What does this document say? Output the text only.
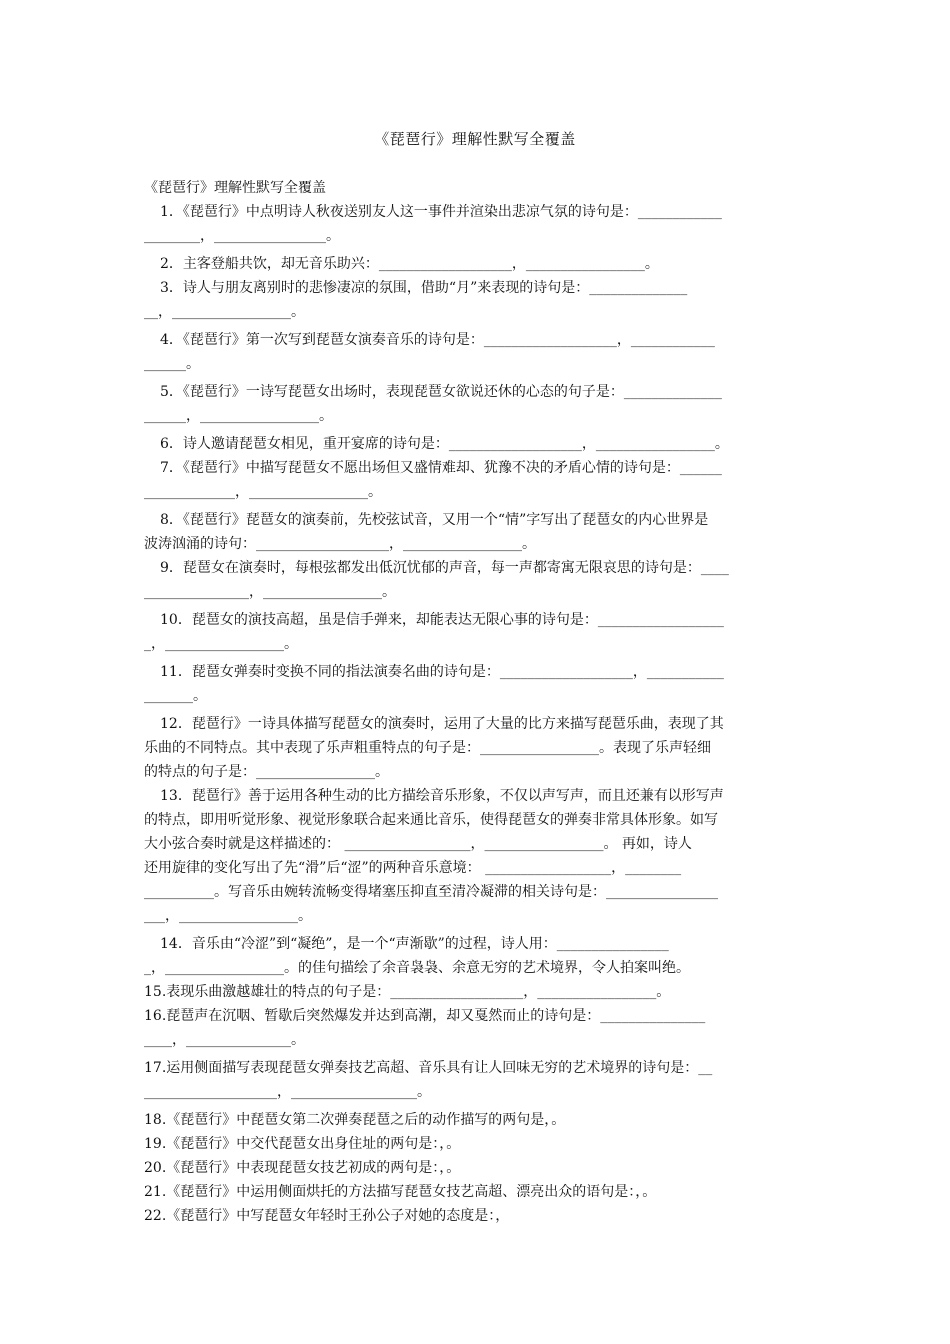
《琵琶行》理解性默写全覆盖
《琵琶行》理解性默写全覆盖
1．《琵琶行》中点明诗人秋夜送别友人这一事件并渲染出悲凉气氛的诗句是：____________
________，________________。
2．主客登船共饮，却无音乐助兴：___________________，_________________。
3．诗人与朋友离别时的悲惨凄凉的氛围，借助“月”来表现的诗句是：______________
__，_________________。
4．《琵琶行》第一次写到琵琶女演奏音乐的诗句是：___________________，____________
______。
5．《琵琶行》一诗写琵琶女出场时，表现琵琶女欲说还休的心态的句子是：______________
______，_________________。
6．诗人邀请琵琶女相见，重开宴席的诗句是：___________________，_________________。
7．《琵琶行》中描写琵琶女不愿出场但又盛情难却、犹豫不决的矛盾心情的诗句是：______
_____________，_________________。
8．《琵琶行》琵琶女的演奏前，先校弦试音，又用一个“情”字写出了琵琶女的内心世界是
波涛汹涌的诗句：___________________，_________________。
9．琵琶女在演奏时，每根弦都发出低沉忧郁的声音，每一声都寄寓无限哀思的诗句是：____
_______________，_________________。
10．琵琶女的演技高超，虽是信手弹来，却能表达无限心事的诗句是：__________________
_，_________________。
11．琵琶女弹奏时变换不同的指法演奏名曲的诗句是：___________________，___________
_______。
12．琵琶行》一诗具体描写琵琶女的演奏时，运用了大量的比方来描写琵琶乐曲，表现了其
乐曲的不同特点。其中表现了乐声粗重特点的句子是：_________________。表现了乐声轻细
的特点的句子是：_________________。
13．琵琶行》善于运用各种生动的比方描绘音乐形象，不仅以声写声，而且还兼有以形写声
的特点，即用听觉形象、视觉形象联合起来通比音乐，使得琵琶女的弹奏非常具体形象。如写
大小弦合奏时就是这样描述的： __________________，_________________。 再如，诗人
还用旋律的变化写出了先“滑”后“涩”的两种音乐意境： __________________，________
__________。写音乐由婉转流畅变得堵塞压抑直至清冷凝滞的相关诗句是：________________
___，_________________。
14．音乐由“冷涩”到“凝绝”，是一个“声渐歇”的过程，诗人用：________________
_，_________________。的佳句描绘了余音袅袅、余意无穷的艺术境界，令人拍案叫绝。
15.表现乐曲激越雄壮的特点的句子是：___________________，_________________。
16.琵琶声在沉咽、暂歇后突然爆发并达到高潮，却又戛然而止的诗句是：_______________
____，_______________。
17.运用侧面描写表现琵琶女弹奏技艺高超、音乐具有让人回味无穷的艺术境界的诗句是：__
___________________，__________________。
18.《琵琶行》中琵琶女第二次弹奏琵琶之后的动作描写的两句是，。
19.《琵琶行》中交代琵琶女出身住址的两句是：，。
20.《琵琶行》中表现琵琶女技艺初成的两句是：，。
21.《琵琶行》中运用侧面烘托的方法描写琵琶女技艺高超、漂亮出众的语句是：，。
22.《琵琶行》中写琵琶女年轻时王孙公子对她的态度是：，
